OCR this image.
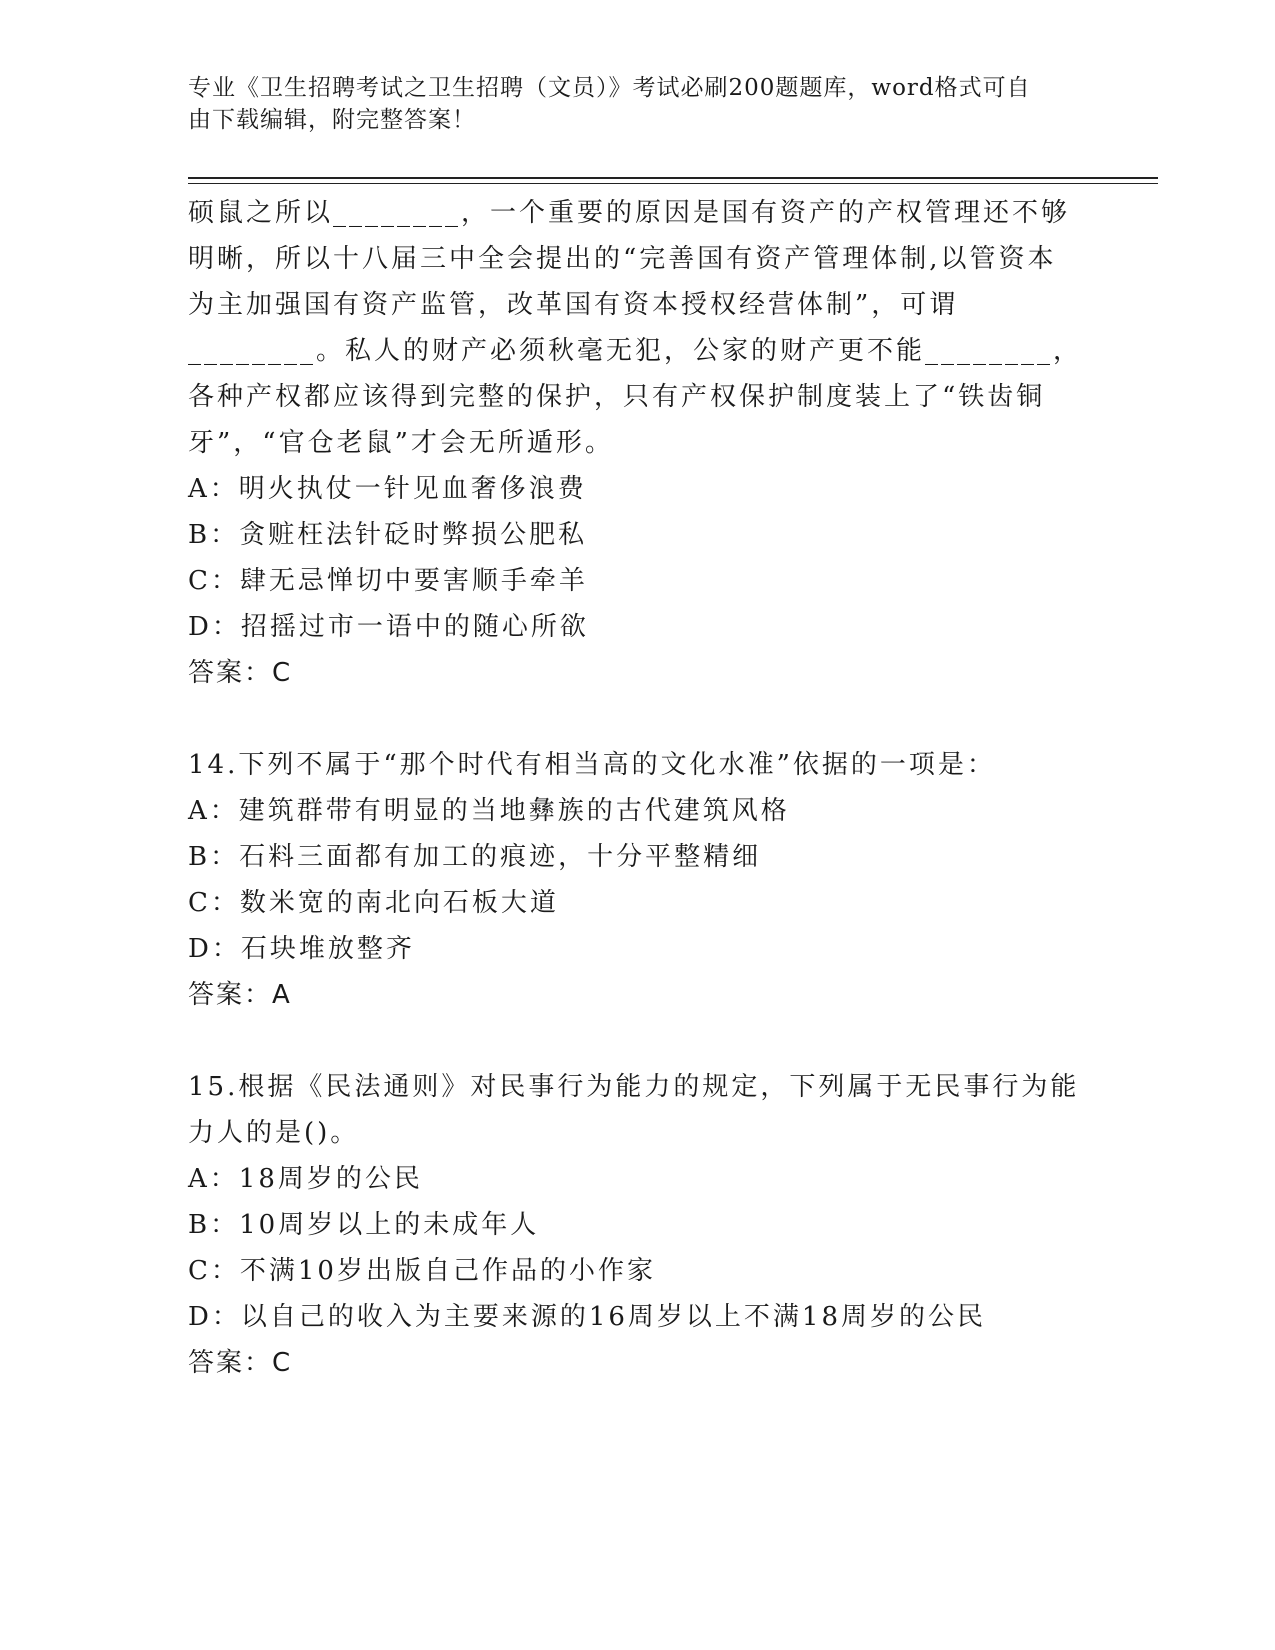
专业《卫生招聘考试之卫生招聘（文员）》考试必刷200题题库，word格式可自
由下载编辑，附完整答案！
硕鼠之所以________，一个重要的原因是国有资产的产权管理还不够
明晰，所以十八届三中全会提出的“完善国有资产管理体制,以管资本
为主加强国有资产监管，改革国有资本授权经营体制”，可谓
________。私人的财产必须秋毫无犯，公家的财产更不能________，
各种产权都应该得到完整的保护，只有产权保护制度装上了“铁齿铜
牙”，“官仓老鼠”才会无所遁形。
A：明火执仗一针见血奢侈浪费
B：贪赃枉法针砭时弊损公肥私
C：肆无忌惮切中要害顺手牵羊
D：招摇过市一语中的随心所欲
答案：C
14.下列不属于“那个时代有相当高的文化水准”依据的一项是：
A：建筑群带有明显的当地彝族的古代建筑风格
B：石料三面都有加工的痕迹，十分平整精细
C：数米宽的南北向石板大道
D：石块堆放整齐
答案：A
15.根据《民法通则》对民事行为能力的规定，下列属于无民事行为能
力人的是()。
A：18周岁的公民
B：10周岁以上的未成年人
C：不满10岁出版自己作品的小作家
D：以自己的收入为主要来源的16周岁以上不满18周岁的公民
答案：C
